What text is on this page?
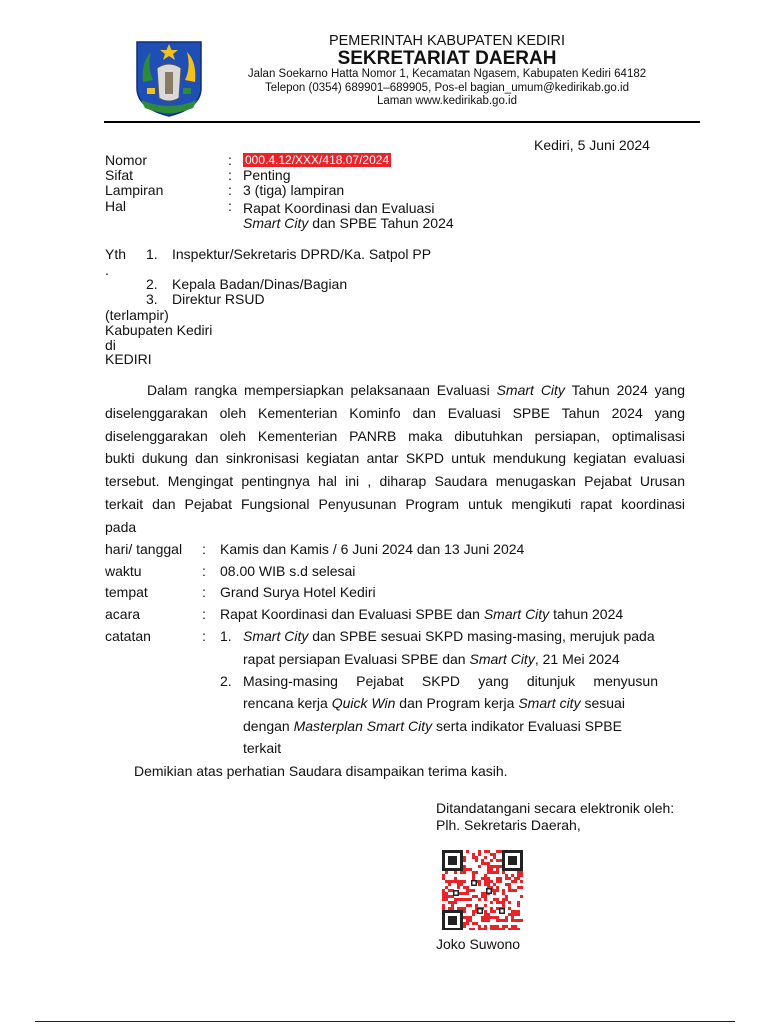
PEMERINTAH KABUPATEN KEDIRI
SEKRETARIAT DAERAH
Jalan Soekarno Hatta Nomor 1, Kecamatan Ngasem, Kabupaten Kediri 64182
Telepon (0354) 689901–689905, Pos-el bagian_umum@kedirikab.go.id
Laman www.kedirikab.go.id
Kediri, 5 Juni 2024
Nomor	: 000.4.12/XXX/418.07/2024
Sifat	: Penting
Lampiran	: 3 (tiga) lampiran
Hal	: Rapat Koordinasi dan Evaluasi
Smart City dan SPBE Tahun 2024
Yth 1. Inspektur/Sekretaris DPRD/Ka. Satpol PP
.
2. Kepala Badan/Dinas/Bagian
3. Direktur RSUD
(terlampir)
Kabupaten Kediri
di
KEDIRI
Dalam rangka mempersiapkan pelaksanaan Evaluasi Smart City Tahun 2024 yang
diselenggarakan oleh Kementerian Kominfo dan Evaluasi SPBE Tahun 2024 yang
diselenggarakan oleh Kementerian PANRB maka dibutuhkan persiapan, optimalisasi
bukti dukung dan sinkronisasi kegiatan antar SKPD untuk mendukung kegiatan evaluasi
tersebut. Mengingat pentingnya hal ini , diharap Saudara menugaskan Pejabat Urusan
terkait dan Pejabat Fungsional Penyusunan Program untuk mengikuti rapat koordinasi
pada
hari/ tanggal : Kamis dan Kamis / 6 Juni 2024 dan 13 Juni 2024
waktu	: 08.00 WIB s.d selesai
tempat	: Grand Surya Hotel Kediri
acara	: Rapat Koordinasi dan Evaluasi SPBE dan Smart City tahun 2024
catatan	: 1. Smart City dan SPBE sesuai SKPD masing-masing, merujuk pada
rapat persiapan Evaluasi SPBE dan Smart City, 21 Mei 2024
2. Masing-masing Pejabat SKPD yang ditunjuk menyusun
rencana kerja Quick Win dan Program kerja Smart city sesuai
dengan Masterplan Smart City serta indikator Evaluasi SPBE
terkait
Demikian atas perhatian Saudara disampaikan terima kasih.
Ditandatangani secara elektronik oleh:
Plh. Sekretaris Daerah,
Joko Suwono
